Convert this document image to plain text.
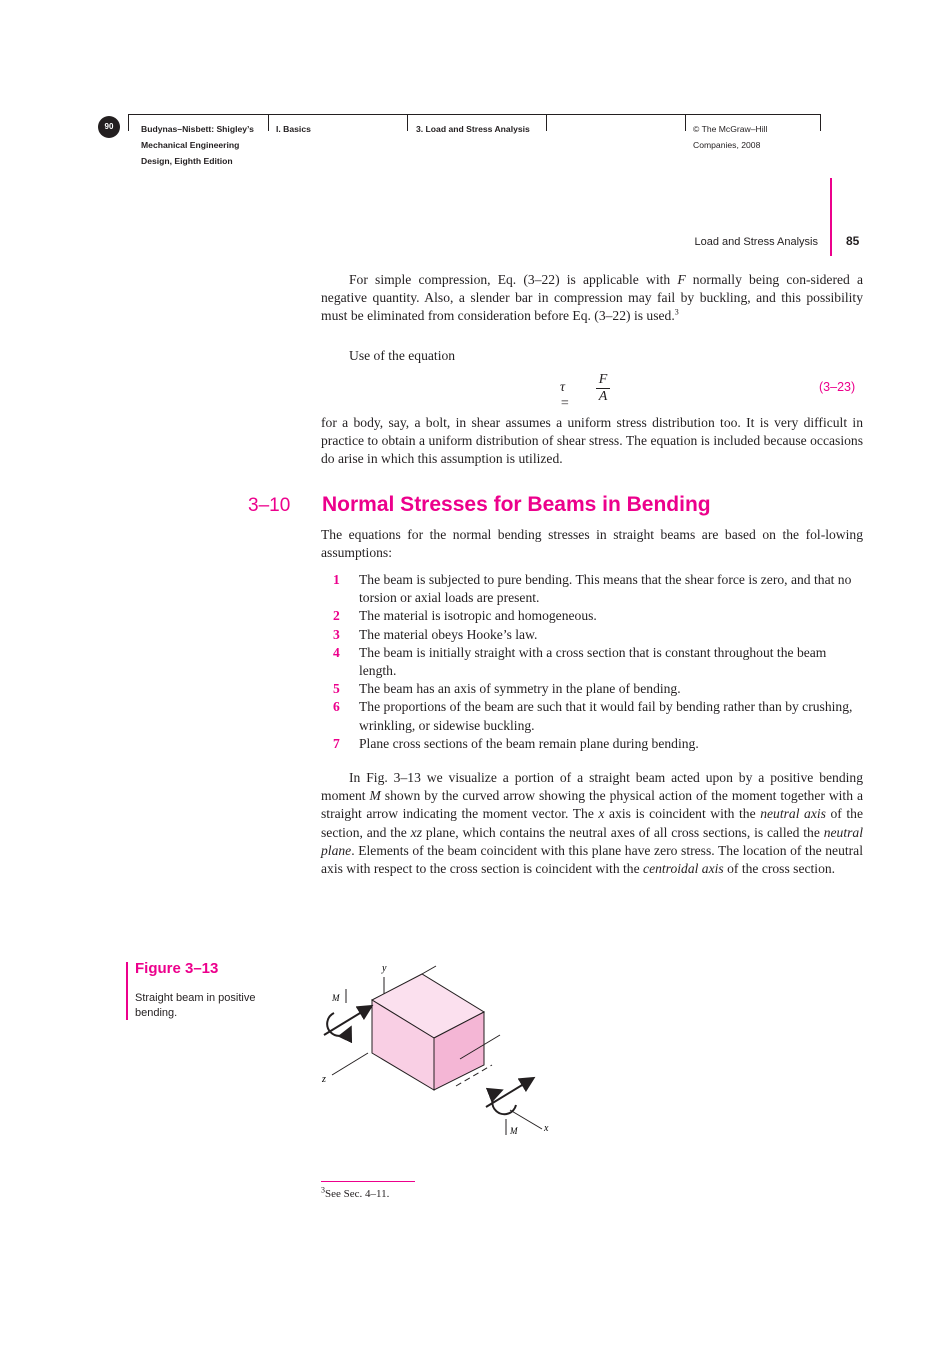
90	Budynas–Nisbett: Shigley’s
Mechanical Engineering
Design, Eighth Edition
I. Basics	3. Load and Stress Analysis	© The McGraw–Hill
Companies, 2008
Load and Stress Analysis 85

For simple compression, Eq. (3–22) is applicable with F normally being con-sidered a negative quantity. Also, a slender bar in compression may fail by buckling, and this possibility must be eliminated from consideration before Eq. (3–22) is used.$^3$

Use of the equation

τ =
F
A
(3–23)

for a body, say, a bolt, in shear assumes a uniform stress distribution too. It is very difficult in practice to obtain a uniform distribution of shear stress. The equation is included because occasions do arise in which this assumption is utilized.

3–10 Normal Stresses for Beams in Bending

The equations for the normal bending stresses in straight beams are based on the fol-lowing assumptions:

1 The beam is subjected to pure bending. This means that the shear force is zero, and that no torsion or axial loads are present.
2 The material is isotropic and homogeneous.
3 The material obeys Hooke’s law.
4 The beam is initially straight with a cross section that is constant throughout the beam length.
5 The beam has an axis of symmetry in the plane of bending.
6 The proportions of the beam are such that it would fail by bending rather than by crushing, wrinkling, or sidewise buckling.
7 Plane cross sections of the beam remain plane during bending.

In Fig. 3–13 we visualize a portion of a straight beam acted upon by a positive bending moment M shown by the curved arrow showing the physical action of the moment together with a straight arrow indicating the moment vector. The x axis is coincident with the neutral axis of the section, and the xz plane, which contains the neutral axes of all cross sections, is called the neutral plane. Elements of the beam coincident with this plane have zero stress. The location of the neutral axis with respect to the cross section is coincident with the centroidal axis of the cross section.

Figure 3–13
Straight beam in positive bending.
y
z
x
M
M
$^3$See Sec. 4–11.
